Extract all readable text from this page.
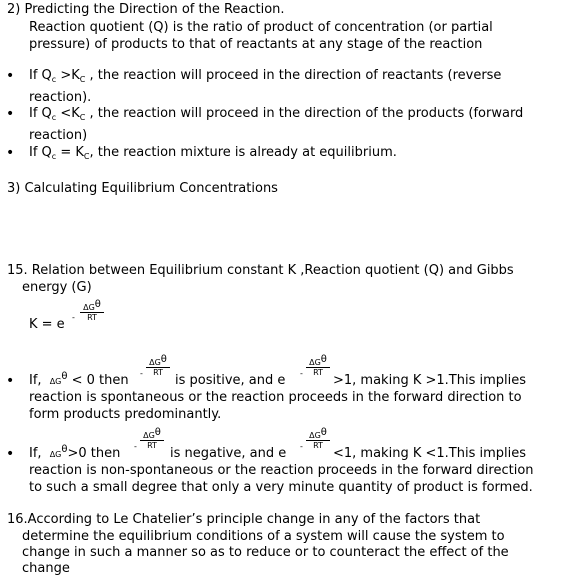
2) Predicting the Direction of the Reaction.
Reaction quotient (Q) is the ratio of product of concentration (or partial
pressure) of products to that of reactants at any stage of the reaction
• If $Q_c >K_C$ , the reaction will proceed in the direction of reactants (reverse
reaction).
• If $Q_c <K_C$ , the reaction will proceed in the direction of the products (forward
reaction)
• If $Q_c = K_C$, the reaction mixture is already at equilibrium.
3) Calculating Equilibrium Concentrations
15. Relation between Equilibrium constant K ,Reaction quotient (Q) and Gibbs
energy (G)
K = e -
ΔGθ
RT
• If, $\Delta G^\theta < 0$ then -
ΔGθ
RT
is positive, and e -
ΔGθ
RT
>1, making K >1.This implies
reaction is spontaneous or the reaction proceeds in the forward direction to
form products predominantly.
• If, $\Delta G^\theta>0$ then -
ΔGθ
RT
is negative, and e -
ΔGθ
RT
<1, making K <1.This implies
reaction is non-spontaneous or the reaction proceeds in the forward direction
to such a small degree that only a very minute quantity of product is formed.
16.According to Le Chatelier’s principle change in any of the factors that
determine the equilibrium conditions of a system will cause the system to
change in such a manner so as to reduce or to counteract the effect of the
change
